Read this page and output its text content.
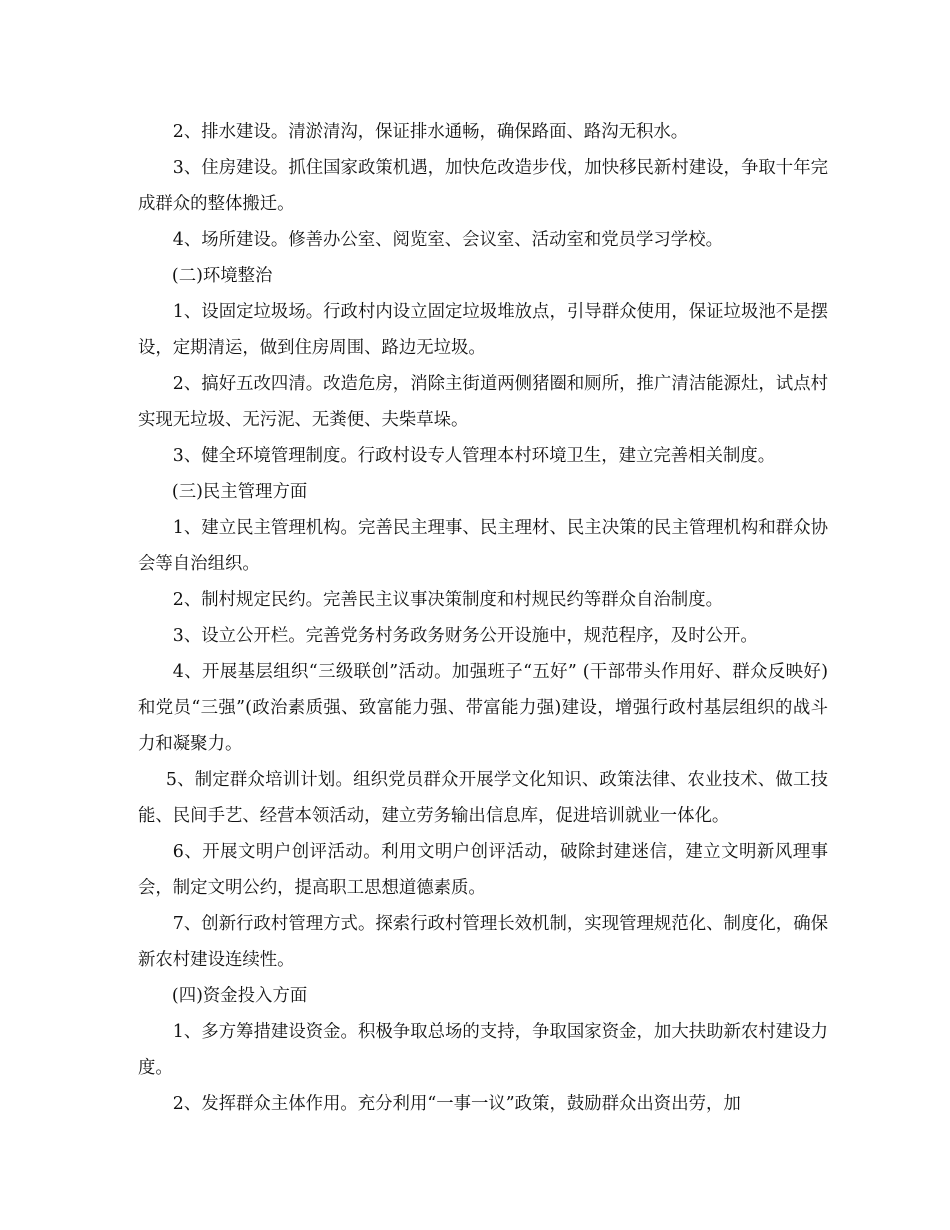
2、排水建设。清淤清沟，保证排水通畅，确保路面、路沟无积水。

3、住房建设。抓住国家政策机遇，加快危改造步伐，加快移民新村建设，争取十年完成群众的整体搬迁。

4、场所建设。修善办公室、阅览室、会议室、活动室和党员学习学校。

(二)环境整治

1、设固定垃圾场。行政村内设立固定垃圾堆放点，引导群众使用，保证垃圾池不是摆设，定期清运，做到住房周围、路边无垃圾。

2、搞好五改四清。改造危房，消除主街道两侧猪圈和厕所，推广清洁能源灶，试点村实现无垃圾、无污泥、无粪便、夫柴草垛。

3、健全环境管理制度。行政村设专人管理本村环境卫生，建立完善相关制度。

(三)民主管理方面

1、建立民主管理机构。完善民主理事、民主理材、民主决策的民主管理机构和群众协会等自治组织。

2、制村规定民约。完善民主议事决策制度和村规民约等群众自治制度。

3、设立公开栏。完善党务村务政务财务公开设施中，规范程序，及时公开。

4、开展基层组织“三级联创”活动。加强班子“五好” (干部带头作用好、群众反映好)和党员“三强”(政治素质强、致富能力强、带富能力强)建设，增强行政村基层组织的战斗力和凝聚力。

5、制定群众培训计划。组织党员群众开展学文化知识、政策法律、农业技术、做工技能、民间手艺、经营本领活动，建立劳务输出信息库，促进培训就业一体化。

6、开展文明户创评活动。利用文明户创评活动，破除封建迷信，建立文明新风理事会，制定文明公约，提高职工思想道德素质。

7、创新行政村管理方式。探索行政村管理长效机制，实现管理规范化、制度化，确保新农村建设连续性。

(四)资金投入方面

1、多方筹措建设资金。积极争取总场的支持，争取国家资金，加大扶助新农村建设力度。

2、发挥群众主体作用。充分利用“一事一议”政策，鼓励群众出资出劳，加
